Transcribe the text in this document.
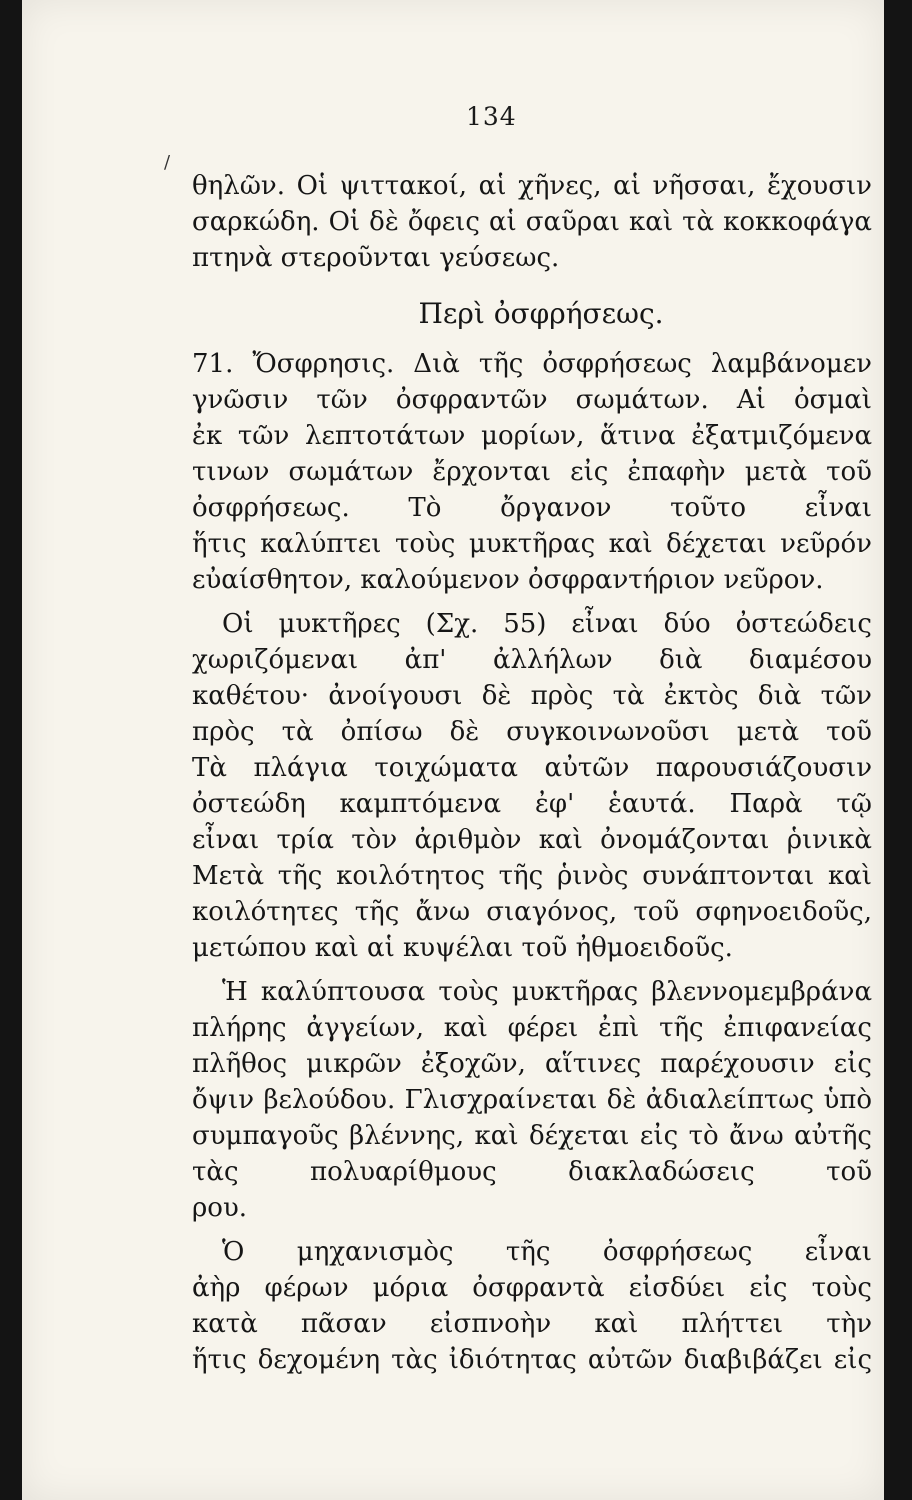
134
/
θηλῶν. Οἱ ψιττακοί, αἱ χῆνες, αἱ νῆσσαι, ἔχουσιν
σαρκώδη. Οἱ δὲ ὄφεις αἱ σαῦραι καὶ τὰ κοκκοφάγα
πτηνὰ στεροῦνται γεύσεως.
Περὶ ὀσφρήσεως.
71. Ὄσφρησις. Διὰ τῆς ὀσφρήσεως λαμβάνομεν
γνῶσιν τῶν ὀσφραντῶν σωμάτων. Αἱ ὀσμαὶ
ἐκ τῶν λεπτοτάτων μορίων, ἅτινα ἐξατμιζόμενα
τινων σωμάτων ἔρχονται εἰς ἐπαφὴν μετὰ τοῦ
ὀσφρήσεως. Τὸ ὄργανον τοῦτο εἶναι
ἥτις καλύπτει τοὺς μυκτῆρας καὶ δέχεται νεῦρόν
εὐαίσθητον, καλούμενον ὀσφραντήριον νεῦρον.
Οἱ μυκτῆρες (Σχ. 55) εἶναι δύο ὀστεώδεις
χωριζόμεναι ἀπ' ἀλλήλων διὰ διαμέσου
καθέτου· ἀνοίγουσι δὲ πρὸς τὰ ἐκτὸς διὰ τῶν
πρὸς τὰ ὀπίσω δὲ συγκοινωνοῦσι μετὰ τοῦ
Τὰ πλάγια τοιχώματα αὐτῶν παρουσιάζουσιν
ὀστεώδη καμπτόμενα ἐφ' ἑαυτά. Παρὰ τῷ
εἶναι τρία τὸν ἀριθμὸν καὶ ὀνομάζονται ῥινικὰ
Μετὰ τῆς κοιλότητος τῆς ῥινὸς συνάπτονται καὶ
κοιλότητες τῆς ἄνω σιαγόνος, τοῦ σφηνοειδοῦς,
μετώπου καὶ αἱ κυψέλαι τοῦ ἠθμοειδοῦς.
Ἡ καλύπτουσα τοὺς μυκτῆρας βλεννομεμβράνα
πλήρης ἀγγείων, καὶ φέρει ἐπὶ τῆς ἐπιφανείας
πλῆθος μικρῶν ἐξοχῶν, αἵτινες παρέχουσιν εἰς
ὄψιν βελούδου. Γλισχραίνεται δὲ ἀδιαλείπτως ὑπὸ
συμπαγοῦς βλέννης, καὶ δέχεται εἰς τὸ ἄνω αὐτῆς
τὰς πολυαρίθμους διακλαδώσεις τοῦ
ρου.
Ὁ μηχανισμὸς τῆς ὀσφρήσεως εἶναι
ἀὴρ φέρων μόρια ὀσφραντὰ εἰσδύει εἰς τοὺς
κατὰ πᾶσαν εἰσπνοὴν καὶ πλήττει τὴν
ἥτις δεχομένη τὰς ἰδιότητας αὐτῶν διαβιβάζει εἰς
